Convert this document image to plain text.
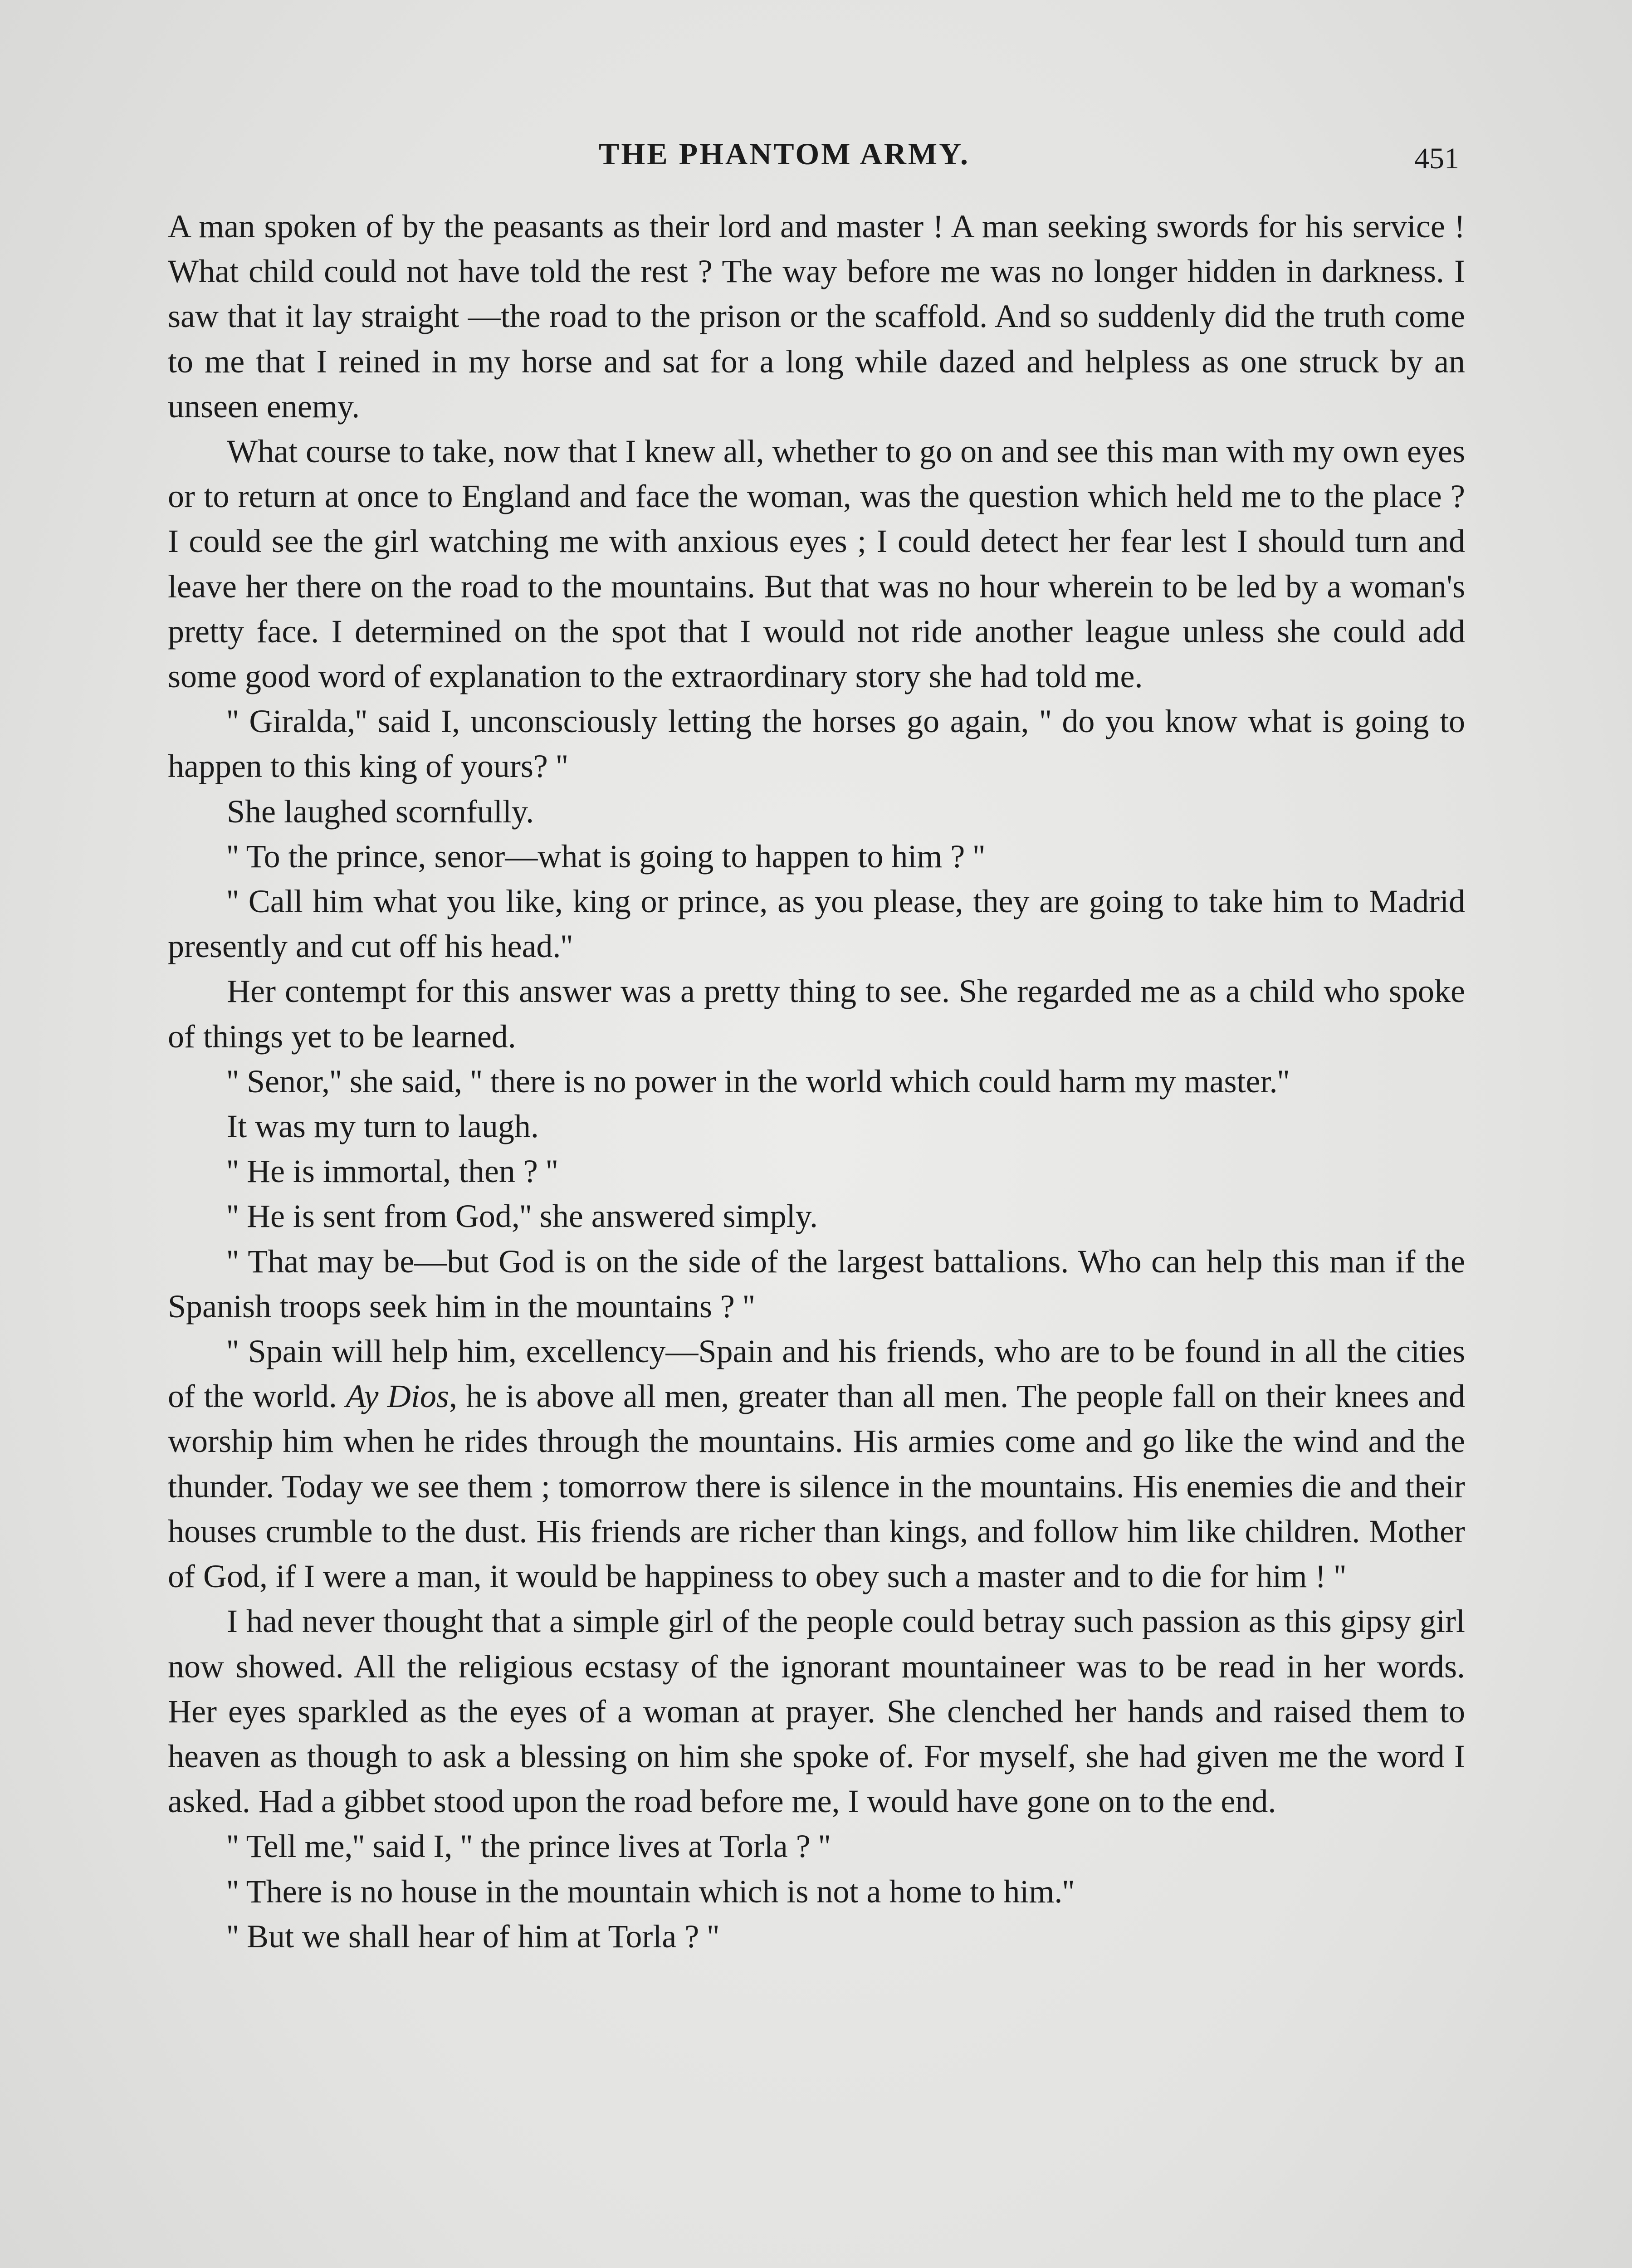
THE PHANTOM ARMY.	451

A man spoken of by the peasants as their lord and master ! A man seeking swords for his service ! What child could not have told the rest ? The way before me was no longer hidden in darkness. I saw that it lay straight —the road to the prison or the scaffold. And so suddenly did the truth come to me that I reined in my horse and sat for a long while dazed and helpless as one struck by an unseen enemy.

What course to take, now that I knew all, whether to go on and see this man with my own eyes or to return at once to England and face the woman, was the question which held me to the place ? I could see the girl watching me with anxious eyes ; I could detect her fear lest I should turn and leave her there on the road to the mountains. But that was no hour wherein to be led by a woman's pretty face. I determined on the spot that I would not ride another league unless she could add some good word of explanation to the extraordinary story she had told me.

'' Giralda,'' said I, unconsciously letting the horses go again, '' do you know what is going to happen to this king of yours? ''

She laughed scornfully.

'' To the prince, senor—what is going to happen to him ? ''

'' Call him what you like, king or prince, as you please, they are going to take him to Madrid presently and cut off his head.''

Her contempt for this answer was a pretty thing to see. She regarded me as a child who spoke of things yet to be learned.

'' Senor,'' she said, '' there is no power in the world which could harm my master.''

It was my turn to laugh.

'' He is immortal, then ? ''

'' He is sent from God,'' she answered simply.

'' That may be—but God is on the side of the largest battalions. Who can help this man if the Spanish troops seek him in the mountains ? ''

'' Spain will help him, excellency—Spain and his friends, who are to be found in all the cities of the world. Ay Dios, he is above all men, greater than all men. The people fall on their knees and worship him when he rides through the mountains. His armies come and go like the wind and the thunder. Today we see them ; tomorrow there is silence in the mountains. His enemies die and their houses crumble to the dust. His friends are richer than kings, and follow him like children. Mother of God, if I were a man, it would be happiness to obey such a master and to die for him ! ''

I had never thought that a simple girl of the people could betray such passion as this gipsy girl now showed. All the religious ecstasy of the ignorant mountaineer was to be read in her words. Her eyes sparkled as the eyes of a woman at prayer. She clenched her hands and raised them to heaven as though to ask a blessing on him she spoke of. For myself, she had given me the word I asked. Had a gibbet stood upon the road before me, I would have gone on to the end.

'' Tell me,'' said I, '' the prince lives at Torla ? ''

'' There is no house in the mountain which is not a home to him.''

'' But we shall hear of him at Torla ? ''
